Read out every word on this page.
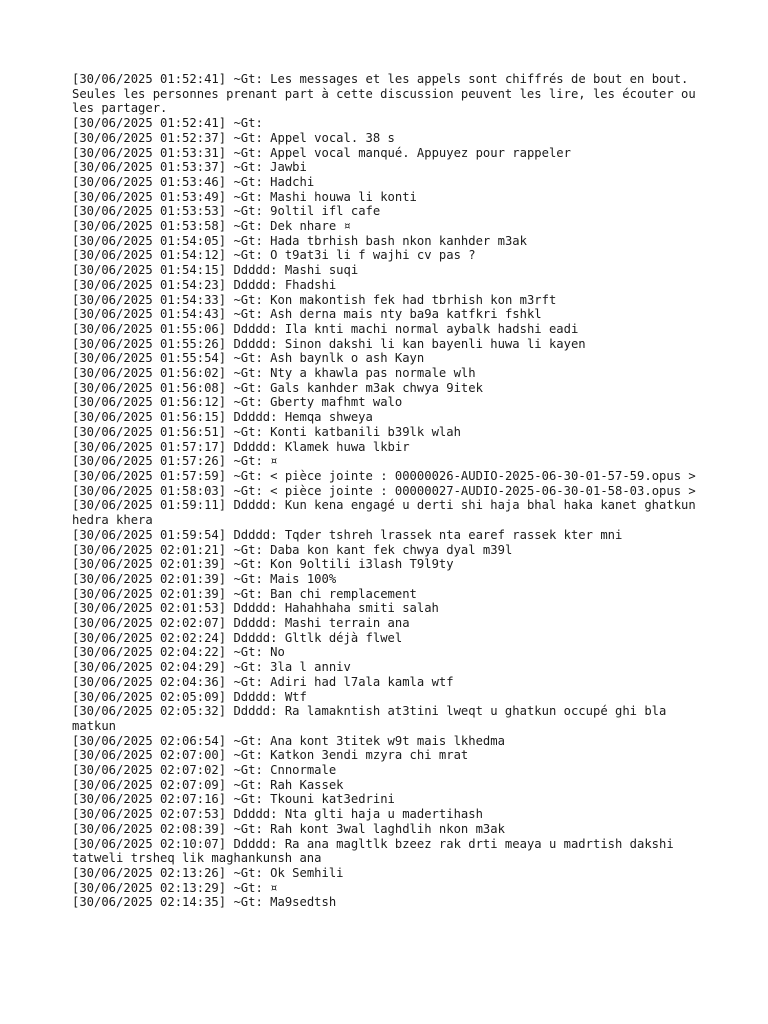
[30/06/2025 01:52:41] ~Gt: Les messages et les appels sont chiffrés de bout en bout. Seules les personnes prenant part à cette discussion peuvent les lire, les écouter ou les partager.
[30/06/2025 01:52:41] ~Gt:
[30/06/2025 01:52:37] ~Gt: Appel vocal. 38 s
[30/06/2025 01:53:31] ~Gt: Appel vocal manqué. Appuyez pour rappeler
[30/06/2025 01:53:37] ~Gt: Jawbi
[30/06/2025 01:53:46] ~Gt: Hadchi
[30/06/2025 01:53:49] ~Gt: Mashi houwa li konti
[30/06/2025 01:53:53] ~Gt: 9oltil ifl cafe
[30/06/2025 01:53:58] ~Gt: Dek nhare ¤
[30/06/2025 01:54:05] ~Gt: Hada tbrhish bash nkon kanhder m3ak
[30/06/2025 01:54:12] ~Gt: O t9at3i li f wajhi cv pas ?
[30/06/2025 01:54:15] Ddddd: Mashi suqi
[30/06/2025 01:54:23] Ddddd: Fhadshi
[30/06/2025 01:54:33] ~Gt: Kon makontish fek had tbrhish kon m3rft
[30/06/2025 01:54:43] ~Gt: Ash derna mais nty ba9a katfkri fshkl
[30/06/2025 01:55:06] Ddddd: Ila knti machi normal aybalk hadshi eadi
[30/06/2025 01:55:26] Ddddd: Sinon dakshi li kan bayenli huwa li kayen
[30/06/2025 01:55:54] ~Gt: Ash baynlk o ash Kayn
[30/06/2025 01:56:02] ~Gt: Nty a khawla pas normale wlh
[30/06/2025 01:56:08] ~Gt: Gals kanhder m3ak chwya 9itek
[30/06/2025 01:56:12] ~Gt: Gberty mafhmt walo
[30/06/2025 01:56:15] Ddddd: Hemqa shweya
[30/06/2025 01:56:51] ~Gt: Konti katbanili b39lk wlah
[30/06/2025 01:57:17] Ddddd: Klamek huwa lkbir
[30/06/2025 01:57:26] ~Gt: ¤
[30/06/2025 01:57:59] ~Gt: < pièce jointe : 00000026-AUDIO-2025-06-30-01-57-59.opus >
[30/06/2025 01:58:03] ~Gt: < pièce jointe : 00000027-AUDIO-2025-06-30-01-58-03.opus >
[30/06/2025 01:59:11] Ddddd: Kun kena engagé u derti shi haja bhal haka kanet ghatkun hedra khera
[30/06/2025 01:59:54] Ddddd: Tqder tshreh lrassek nta earef rassek kter mni
[30/06/2025 02:01:21] ~Gt: Daba kon kant fek chwya dyal m39l
[30/06/2025 02:01:39] ~Gt: Kon 9oltili i3lash T9l9ty
[30/06/2025 02:01:39] ~Gt: Mais 100%
[30/06/2025 02:01:39] ~Gt: Ban chi remplacement
[30/06/2025 02:01:53] Ddddd: Hahahhaha smiti salah
[30/06/2025 02:02:07] Ddddd: Mashi terrain ana
[30/06/2025 02:02:24] Ddddd: Gltlk déjà flwel
[30/06/2025 02:04:22] ~Gt: No
[30/06/2025 02:04:29] ~Gt: 3la l anniv
[30/06/2025 02:04:36] ~Gt: Adiri had l7ala kamla wtf
[30/06/2025 02:05:09] Ddddd: Wtf
[30/06/2025 02:05:32] Ddddd: Ra lamakntish at3tini lweqt u ghatkun occupé ghi bla matkun
[30/06/2025 02:06:54] ~Gt: Ana kont 3titek w9t mais lkhedma
[30/06/2025 02:07:00] ~Gt: Katkon 3endi mzyra chi mrat
[30/06/2025 02:07:02] ~Gt: Cnnormale
[30/06/2025 02:07:09] ~Gt: Rah Kassek
[30/06/2025 02:07:16] ~Gt: Tkouni kat3edrini
[30/06/2025 02:07:53] Ddddd: Nta glti haja u madertihash
[30/06/2025 02:08:39] ~Gt: Rah kont 3wal laghdlih nkon m3ak
[30/06/2025 02:10:07] Ddddd: Ra ana magltlk bzeez rak drti meaya u madrtish dakshi tatweli trsheq lik maghankunsh ana
[30/06/2025 02:13:26] ~Gt: Ok Semhili
[30/06/2025 02:13:29] ~Gt: ¤
[30/06/2025 02:14:35] ~Gt: Ma9sedtsh
